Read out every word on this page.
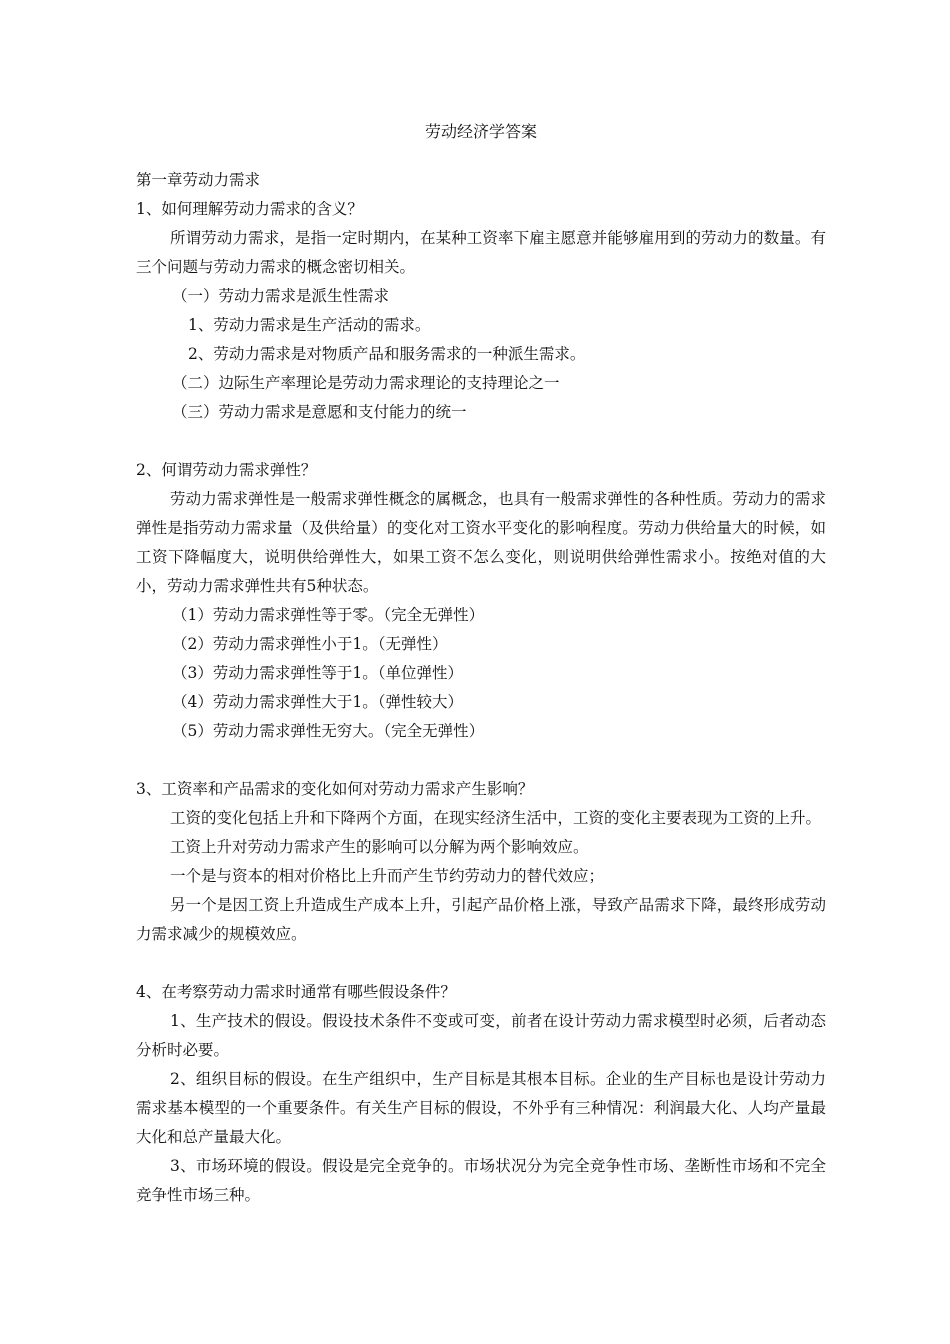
劳动经济学答案
第一章劳动力需求
1、如何理解劳动力需求的含义？
所谓劳动力需求，是指一定时期内，在某种工资率下雇主愿意并能够雇用到的劳动力的数量。有三个问题与劳动力需求的概念密切相关。
（一）劳动力需求是派生性需求
1、劳动力需求是生产活动的需求。
2、劳动力需求是对物质产品和服务需求的一种派生需求。
（二）边际生产率理论是劳动力需求理论的支持理论之一
（三）劳动力需求是意愿和支付能力的统一
2、何谓劳动力需求弹性？
劳动力需求弹性是一般需求弹性概念的属概念，也具有一般需求弹性的各种性质。劳动力的需求弹性是指劳动力需求量（及供给量）的变化对工资水平变化的影响程度。劳动力供给量大的时候，如工资下降幅度大，说明供给弹性大，如果工资不怎么变化，则说明供给弹性需求小。按绝对值的大小，劳动力需求弹性共有5种状态。
（1）劳动力需求弹性等于零。（完全无弹性）
（2）劳动力需求弹性小于1。（无弹性）
（3）劳动力需求弹性等于1。（单位弹性）
（4）劳动力需求弹性大于1。（弹性较大）
（5）劳动力需求弹性无穷大。（完全无弹性）
3、工资率和产品需求的变化如何对劳动力需求产生影响？
工资的变化包括上升和下降两个方面，在现实经济生活中，工资的变化主要表现为工资的上升。
工资上升对劳动力需求产生的影响可以分解为两个影响效应。
一个是与资本的相对价格比上升而产生节约劳动力的替代效应；
另一个是因工资上升造成生产成本上升，引起产品价格上涨，导致产品需求下降，最终形成劳动力需求减少的规模效应。
4、在考察劳动力需求时通常有哪些假设条件？
1、生产技术的假设。假设技术条件不变或可变，前者在设计劳动力需求模型时必须，后者动态分析时必要。
2、组织目标的假设。在生产组织中，生产目标是其根本目标。企业的生产目标也是设计劳动力需求基本模型的一个重要条件。有关生产目标的假设，不外乎有三种情况：利润最大化、人均产量最大化和总产量最大化。
3、市场环境的假设。假设是完全竞争的。市场状况分为完全竞争性市场、垄断性市场和不完全竞争性市场三种。
